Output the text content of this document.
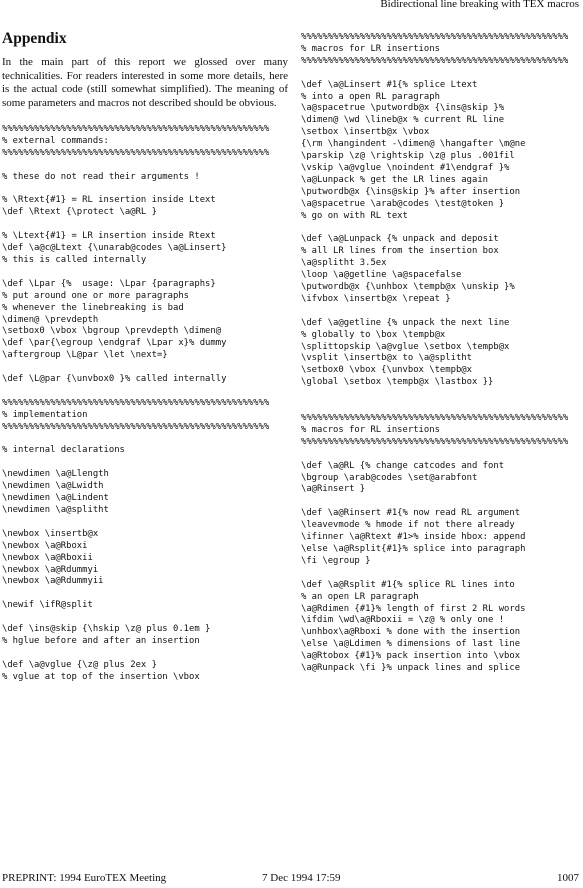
Bidirectional line breaking with TEX macros
Appendix

In the main part of this report we glossed over many technicalities. For readers interested in some more details, here is the actual code (still somewhat simplified). The meaning of some parameters and macros not described should be obvious.

%%%%%%%%%%%%%%%%%%%%%%%%%%%%%%%%%%%%%%%%%%%%%%%%%%
% external commands:
%%%%%%%%%%%%%%%%%%%%%%%%%%%%%%%%%%%%%%%%%%%%%%%%%%

% these do not read their arguments !

% \Rtext{#1} = RL insertion inside Ltext
\def \Rtext {\protect \a@RL }

% \Ltext{#1} = LR insertion inside Rtext
\def \a@c@Ltext {\unarab@codes \a@Linsert}
% this is called internally

\def \Lpar {%  usage: \Lpar {paragraphs}
% put around one or more paragraphs
% whenever the linebreaking is bad
\dimen@ \prevdepth
\setbox0 \vbox \bgroup \prevdepth \dimen@
\def \par{\egroup \endgraf \Lpar x}% dummy
\aftergroup \L@par \let \next=}

\def \L@par {\unvbox0 }% called internally

%%%%%%%%%%%%%%%%%%%%%%%%%%%%%%%%%%%%%%%%%%%%%%%%%%
% implementation
%%%%%%%%%%%%%%%%%%%%%%%%%%%%%%%%%%%%%%%%%%%%%%%%%%

% internal declarations

\newdimen \a@Llength
\newdimen \a@Lwidth
\newdimen \a@Lindent
\newdimen \a@splitht

\newbox \insertb@x
\newbox \a@Rboxi
\newbox \a@Rboxii
\newbox \a@Rdummyi
\newbox \a@Rdummyii

\newif \ifR@split

\def \ins@skip {\hskip \z@ plus 0.1em }
% hglue before and after an insertion

\def \a@vglue {\z@ plus 2ex }
% vglue at top of the insertion \vbox
%%%%%%%%%%%%%%%%%%%%%%%%%%%%%%%%%%%%%%%%%%%%%%%%%%
% macros for LR insertions
%%%%%%%%%%%%%%%%%%%%%%%%%%%%%%%%%%%%%%%%%%%%%%%%%%

\def \a@Linsert #1{% splice Ltext
% into a open RL paragraph
\a@spacetrue \putwordb@x {\ins@skip }%
\dimen@ \wd \lineb@x % current RL line
\setbox \insertb@x \vbox
{\rm \hangindent -\dimen@ \hangafter \m@ne
\parskip \z@ \rightskip \z@ plus .001fil
\vskip \a@vglue \noindent #1\endgraf }%
\a@Lunpack % get the LR lines again
\putwordb@x {\ins@skip }% after insertion
\a@spacetrue \arab@codes \test@token }
% go on with RL text

\def \a@Lunpack {% unpack and deposit
% all LR lines from the insertion box
\a@splitht 3.5ex
\loop \a@getline \a@spacefalse
\putwordb@x {\unhbox \tempb@x \unskip }%
\ifvbox \insertb@x \repeat }

\def \a@getline {% unpack the next line
% globally to \box \tempb@x
\splittopskip \a@vglue \setbox \tempb@x
\vsplit \insertb@x to \a@splitht
\setbox0 \vbox {\unvbox \tempb@x
\global \setbox \tempb@x \lastbox }}

%%%%%%%%%%%%%%%%%%%%%%%%%%%%%%%%%%%%%%%%%%%%%%%%%%
% macros for RL insertions
%%%%%%%%%%%%%%%%%%%%%%%%%%%%%%%%%%%%%%%%%%%%%%%%%%

\def \a@RL {% change catcodes and font
\bgroup \arab@codes \set@arabfont
\a@Rinsert }

\def \a@Rinsert #1{% now read RL argument
\leavevmode % hmode if not there already
\ifinner \a@Rtext #1>% inside hbox: append
\else \a@Rsplit{#1}% splice into paragraph
\fi \egroup }

\def \a@Rsplit #1{% splice RL lines into
% an open LR paragraph
\a@Rdimen {#1}% length of first 2 RL words
\ifdim \wd\a@Rboxii = \z@ % only one !
\unhbox\a@Rboxi % done with the insertion
\else \a@Ldimen % dimensions of last line
\a@Rtobox {#1}% pack insertion into \vbox
\a@Runpack \fi }% unpack lines and splice
PREPRINT: 1994 EuroTEX Meeting	7 Dec 1994 17:59	1007
